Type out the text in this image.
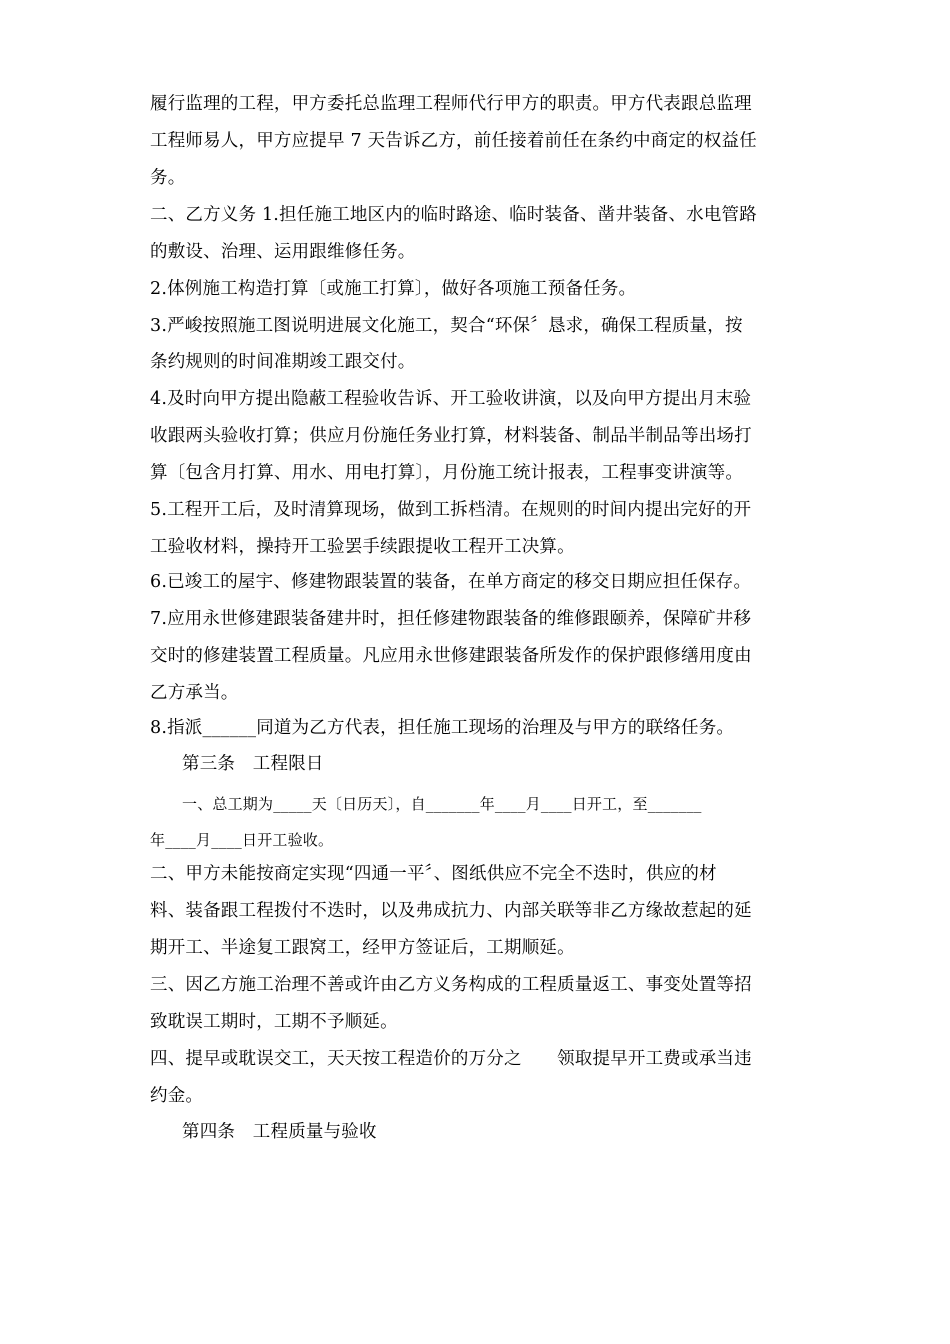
履行监理的工程，甲方委托总监理工程师代行甲方的职责。甲方代表跟总监理
工程师易人，甲方应提早 7 天告诉乙方，前任接着前任在条约中商定的权益任
务。
二、乙方义务 1.担任施工地区内的临时路途、临时装备、凿井装备、水电管路
的敷设、治理、运用跟维修任务。
2.体例施工构造打算〔或施工打算〕，做好各项施工预备任务。
3.严峻按照施工图说明进展文化施工，契合“环保〞恳求，确保工程质量，按
条约规则的时间准期竣工跟交付。
4.及时向甲方提出隐蔽工程验收告诉、开工验收讲演，以及向甲方提出月末验
收跟两头验收打算；供应月份施任务业打算，材料装备、制品半制品等出场打
算〔包含月打算、用水、用电打算〕，月份施工统计报表，工程事变讲演等。
5.工程开工后，及时清算现场，做到工拆档清。在规则的时间内提出完好的开
工验收材料，操持开工验罢手续跟提收工程开工决算。
6.已竣工的屋宇、修建物跟装置的装备，在单方商定的移交日期应担任保存。
7.应用永世修建跟装备建井时，担任修建物跟装备的维修跟颐养，保障矿井移
交时的修建装置工程质量。凡应用永世修建跟装备所发作的保护跟修缮用度由
乙方承当。
8.指派______同道为乙方代表，担任施工现场的治理及与甲方的联络任务。
第三条　工程限日
一、总工期为_____天〔日历天〕，自_______年____月____日开工，至_______
年____月____日开工验收。
二、甲方未能按商定实现“四通一平〞、图纸供应不完全不迭时，供应的材
料、装备跟工程拨付不迭时，以及弗成抗力、内部关联等非乙方缘故惹起的延
期开工、半途复工跟窝工，经甲方签证后，工期顺延。
三、因乙方施工治理不善或许由乙方义务构成的工程质量返工、事变处置等招
致耽误工期时，工期不予顺延。
四、提早或耽误交工，天天按工程造价的万分之　　领取提早开工费或承当违
约金。
第四条　工程质量与验收
